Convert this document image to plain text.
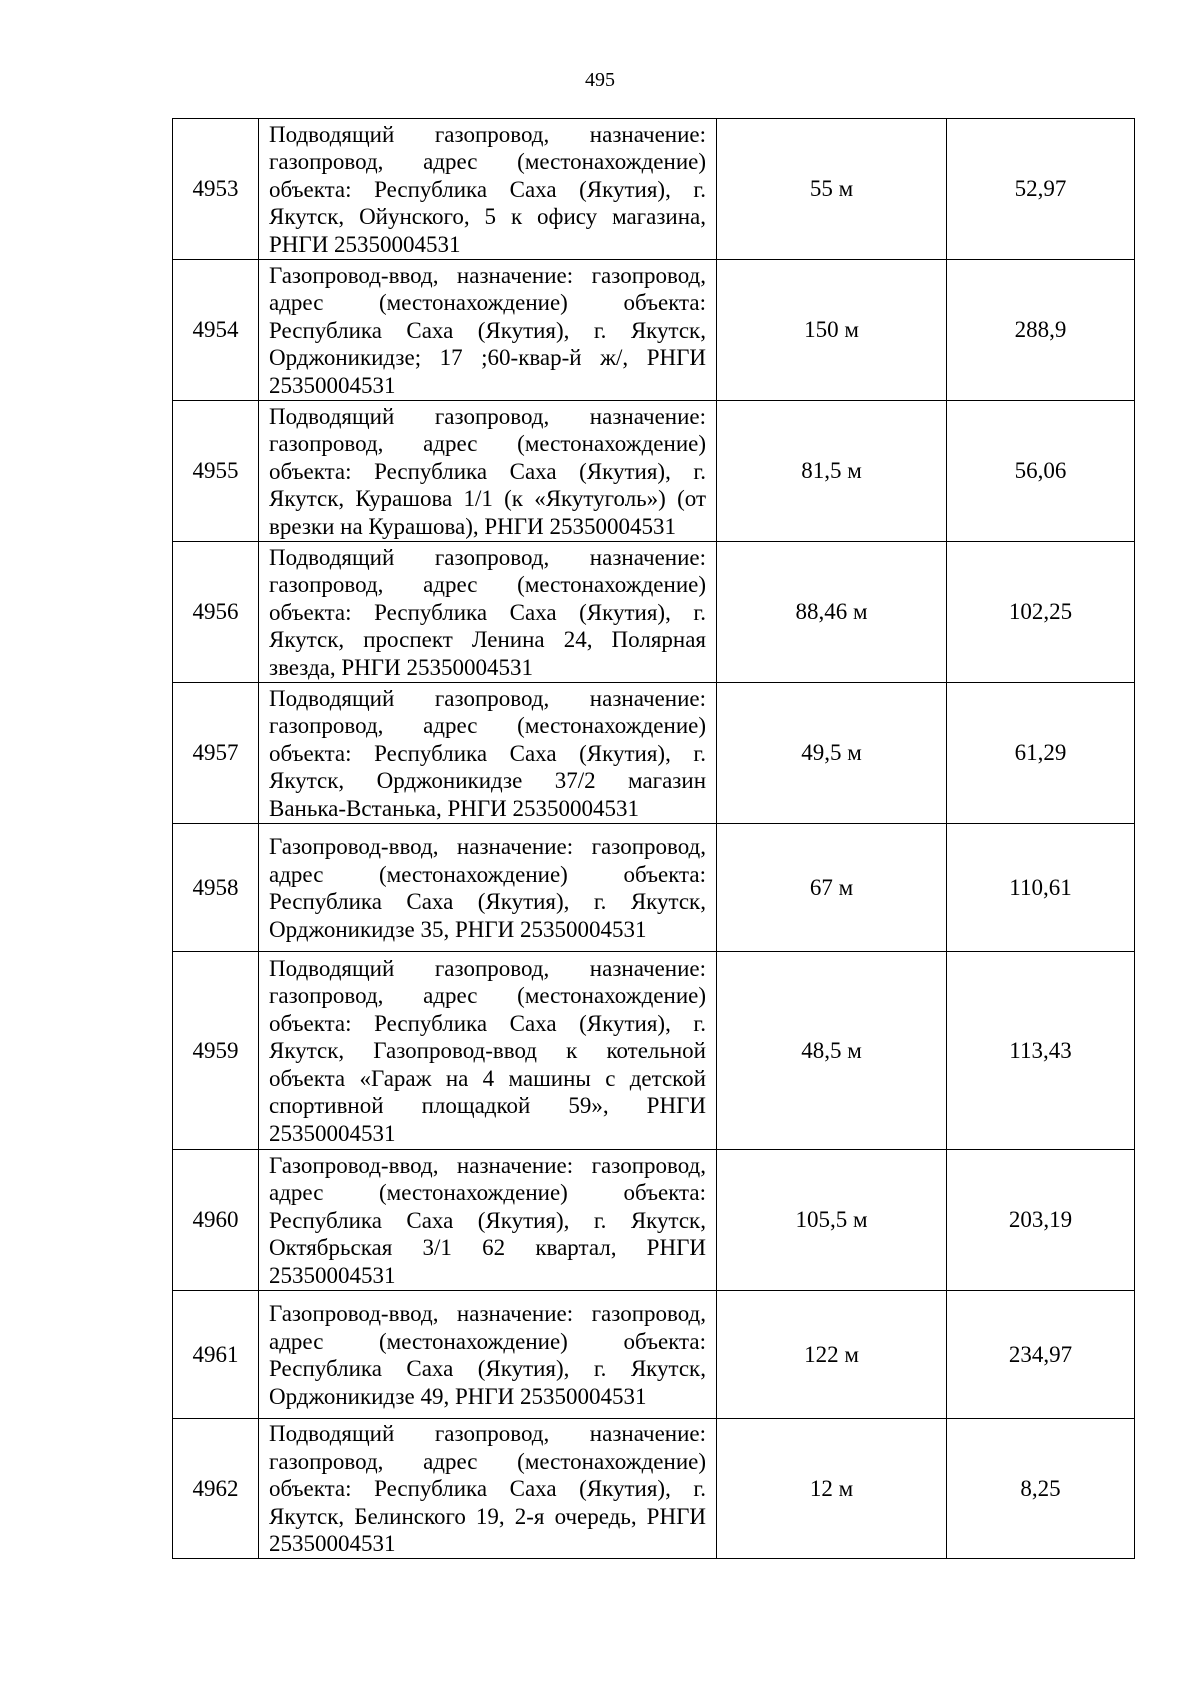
495
4953	Подводящий газопровод, назначение: газопровод, адрес (местонахождение) объекта: Республика Саха (Якутия), г. Якутск, Ойунского, 5 к офису магазина, РНГИ 25350004531	55 м	52,97
4954	Газопровод-ввод, назначение: газопровод, адрес (местонахождение) объекта: Республика Саха (Якутия), г. Якутск, Орджоникидзе; 17 ;60-квар-й ж/, РНГИ 25350004531	150 м	288,9
4955	Подводящий газопровод, назначение: газопровод, адрес (местонахождение) объекта: Республика Саха (Якутия), г. Якутск, Курашова 1/1 (к «Якутуголь») (от врезки на Курашова), РНГИ 25350004531	81,5 м	56,06
4956	Подводящий газопровод, назначение: газопровод, адрес (местонахождение) объекта: Республика Саха (Якутия), г. Якутск, проспект Ленина 24, Полярная звезда, РНГИ 25350004531	88,46 м	102,25
4957	Подводящий газопровод, назначение: газопровод, адрес (местонахождение) объекта: Республика Саха (Якутия), г. Якутск, Орджоникидзе 37/2 магазин Ванька-Встанька, РНГИ 25350004531	49,5 м	61,29
4958	Газопровод-ввод, назначение: газопровод, адрес (местонахождение) объекта: Республика Саха (Якутия), г. Якутск, Орджоникидзе 35, РНГИ 25350004531	67 м	110,61
4959	Подводящий газопровод, назначение: газопровод, адрес (местонахождение) объекта: Республика Саха (Якутия), г. Якутск, Газопровод-ввод к котельной объекта «Гараж на 4 машины с детской спортивной площадкой 59», РНГИ 25350004531	48,5 м	113,43
4960	Газопровод-ввод, назначение: газопровод, адрес (местонахождение) объекта: Республика Саха (Якутия), г. Якутск, Октябрьская 3/1 62 квартал, РНГИ 25350004531	105,5 м	203,19
4961	Газопровод-ввод, назначение: газопровод, адрес (местонахождение) объекта: Республика Саха (Якутия), г. Якутск, Орджоникидзе 49, РНГИ 25350004531	122 м	234,97
4962	Подводящий газопровод, назначение: газопровод, адрес (местонахождение) объекта: Республика Саха (Якутия), г. Якутск, Белинского 19, 2-я очередь, РНГИ 25350004531	12 м	8,25
